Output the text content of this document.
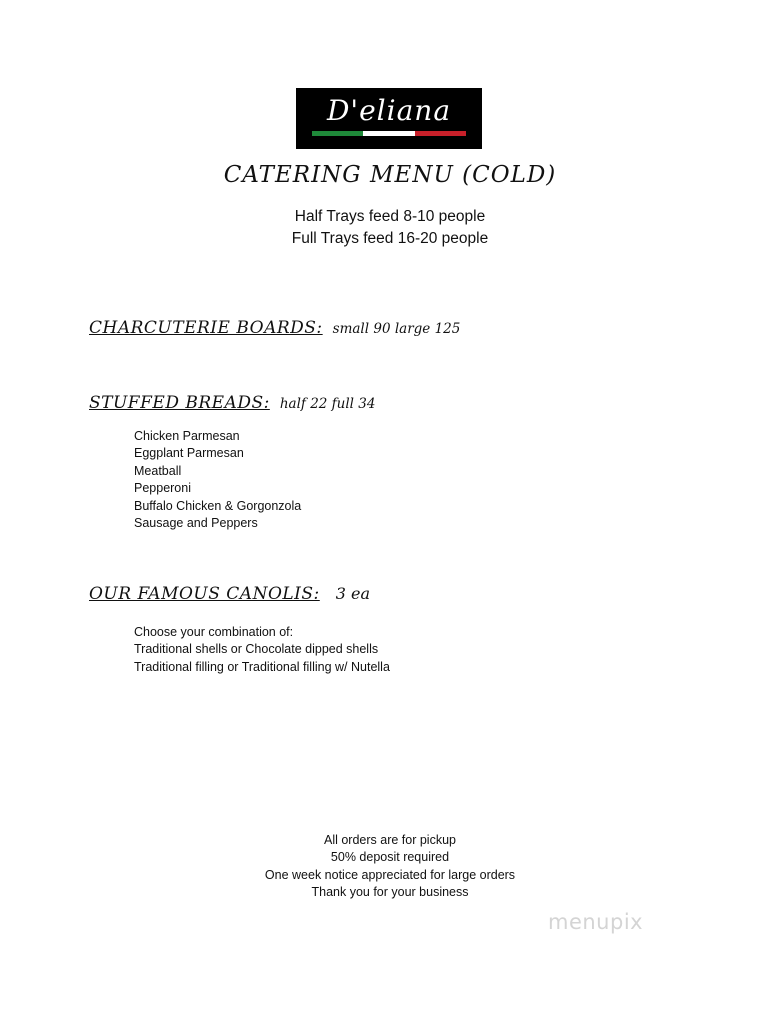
D'eliana
CATERING MENU (COLD)
Half Trays feed 8-10 people
Full Trays feed 16-20 people
CHARCUTERIE BOARDS: small 90 large 125
STUFFED BREADS: half 22 full 34
Chicken Parmesan
Eggplant Parmesan
Meatball
Pepperoni
Buffalo Chicken & Gorgonzola
Sausage and Peppers
OUR FAMOUS CANOLIS: 3 ea
Choose your combination of:
Traditional shells or Chocolate dipped shells
Traditional filling or Traditional filling w/ Nutella
All orders are for pickup
50% deposit required
One week notice appreciated for large orders
Thank you for your business
menupix
